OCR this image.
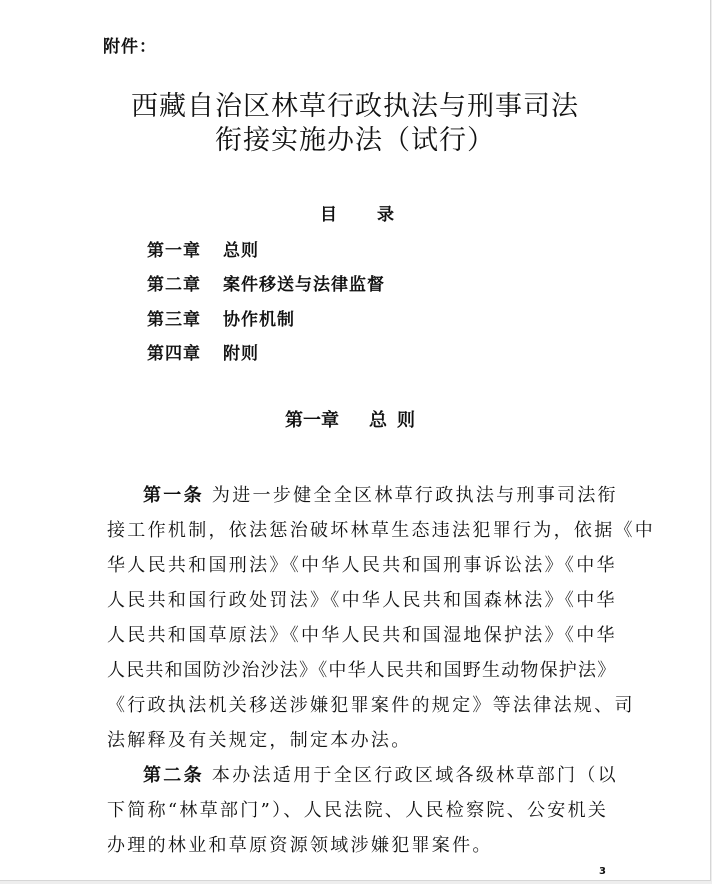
附件：
西藏自治区林草行政执法与刑事司法
衔接实施办法（试行）
目 录
第一章 总则
第二章 案件移送与法律监督
第三章 协作机制
第四章 附则
第一章 总则
第一条 为进一步健全全区林草行政执法与刑事司法衔
接工作机制，依法惩治破坏林草生态违法犯罪行为，依据《中
华人民共和国刑法》《中华人民共和国刑事诉讼法》《中华
人民共和国行政处罚法》《中华人民共和国森林法》《中华
人民共和国草原法》《中华人民共和国湿地保护法》《中华
人民共和国防沙治沙法》《中华人民共和国野生动物保护法》
《行政执法机关移送涉嫌犯罪案件的规定》等法律法规、司
法解释及有关规定，制定本办法。
第二条 本办法适用于全区行政区域各级林草部门（以
下简称“林草部门”）、人民法院、人民检察院、公安机关
办理的林业和草原资源领域涉嫌犯罪案件。
3
